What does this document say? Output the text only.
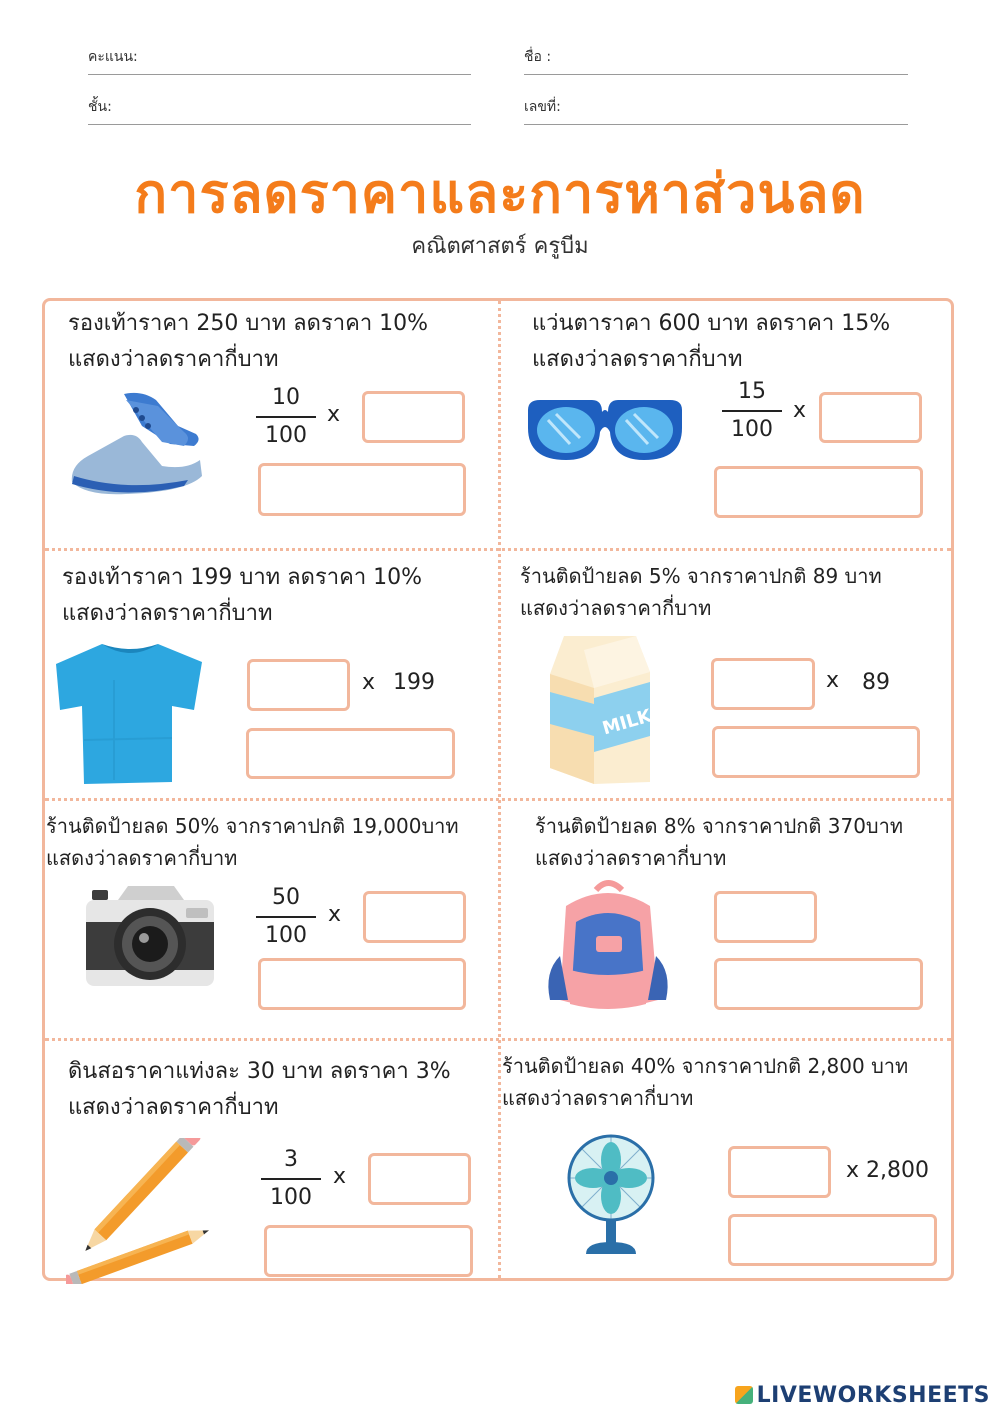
คะแนน:	ชื่อ :
ชั้น:	เลขที่:
การลดราคาและการหาส่วนลด
คณิตศาสตร์ ครูบีม
รองเท้าราคา 250 บาท ลดราคา 10%
แสดงว่าลดราคากี่บาท
10
100
x
แว่นตาราคา 600 บาท ลดราคา 15%
แสดงว่าลดราคากี่บาท
15
100
x
รองเท้าราคา 199 บาท ลดราคา 10%
แสดงว่าลดราคากี่บาท
x 199
ร้านติดป้ายลด 5% จากราคาปกติ 89 บาท
แสดงว่าลดราคากี่บาท
MILK
x 89
ร้านติดป้ายลด 50% จากราคาปกติ 19,000บาท
แสดงว่าลดราคากี่บาท
50
100
x
ร้านติดป้ายลด 8% จากราคาปกติ 370บาท
แสดงว่าลดราคากี่บาท
ดินสอราคาแท่งละ 30 บาท ลดราคา 3%
แสดงว่าลดราคากี่บาท
3
100
x
ร้านติดป้ายลด 40% จากราคาปกติ 2,800 บาท
แสดงว่าลดราคากี่บาท
x 2,800
LIVEWORKSHEETS
